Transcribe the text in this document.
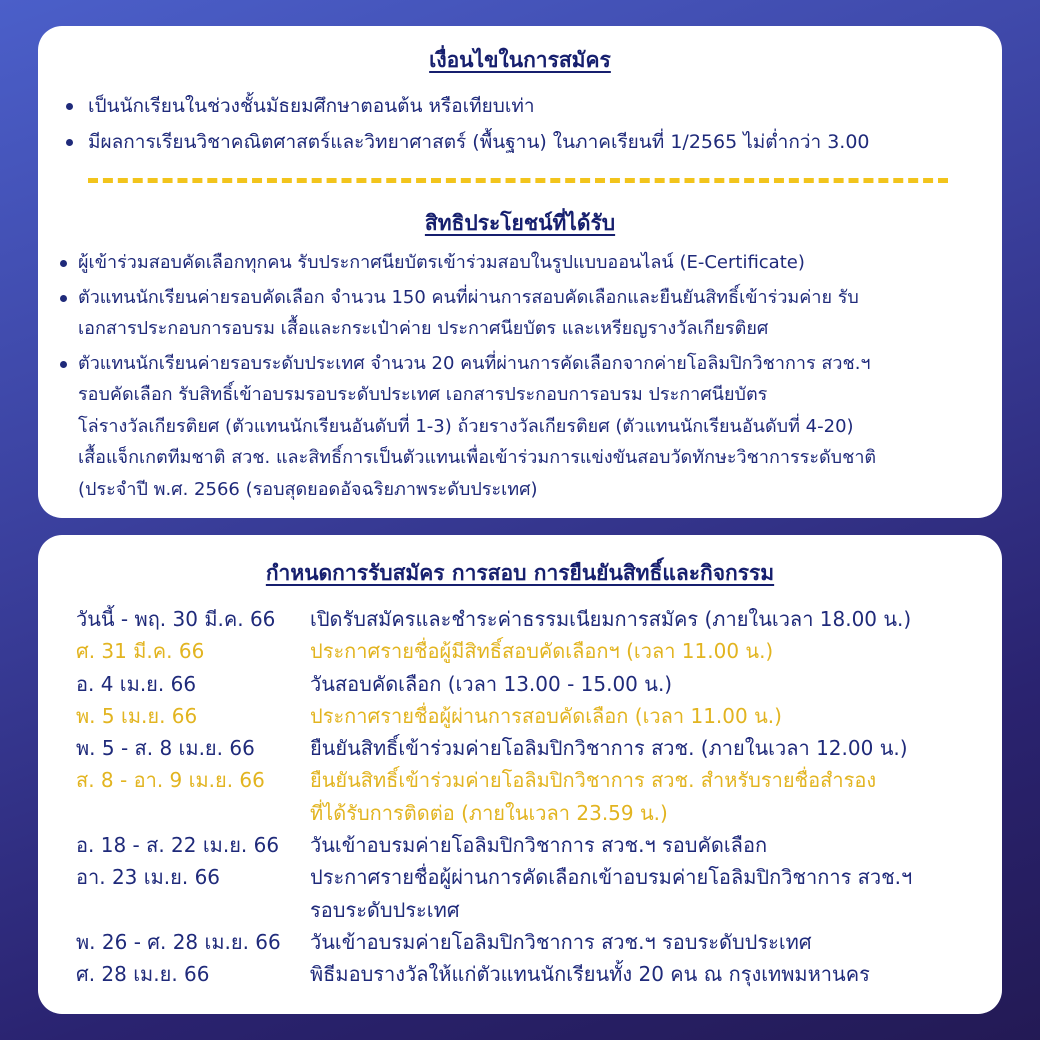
เงื่อนไขในการสมัคร
เป็นนักเรียนในช่วงชั้นมัธยมศึกษาตอนต้น หรือเทียบเท่า
มีผลการเรียนวิชาคณิตศาสตร์และวิทยาศาสตร์ (พื้นฐาน) ในภาคเรียนที่ 1/2565 ไม่ต่ำกว่า 3.00
สิทธิประโยชน์ที่ได้รับ
ผู้เข้าร่วมสอบคัดเลือกทุกคน รับประกาศนียบัตรเข้าร่วมสอบในรูปแบบออนไลน์ (E-Certificate)
ตัวแทนนักเรียนค่ายรอบคัดเลือก จำนวน 150 คนที่ผ่านการสอบคัดเลือกและยืนยันสิทธิ์เข้าร่วมค่าย รับ
เอกสารประกอบการอบรม เสื้อและกระเป๋าค่าย ประกาศนียบัตร และเหรียญรางวัลเกียรติยศ
ตัวแทนนักเรียนค่ายรอบระดับประเทศ จำนวน 20 คนที่ผ่านการคัดเลือกจากค่ายโอลิมปิกวิชาการ สวช.ฯ
รอบคัดเลือก รับสิทธิ์เข้าอบรมรอบระดับประเทศ เอกสารประกอบการอบรม ประกาศนียบัตร
โล่รางวัลเกียรติยศ (ตัวแทนนักเรียนอันดับที่ 1-3) ถ้วยรางวัลเกียรติยศ (ตัวแทนนักเรียนอันดับที่ 4-20)
เสื้อแจ็กเกตทีมชาติ สวช. และสิทธิ์การเป็นตัวแทนเพื่อเข้าร่วมการแข่งขันสอบวัดทักษะวิชาการระดับชาติ
(ประจำปี พ.ศ. 2566 (รอบสุดยอดอัจฉริยภาพระดับประเทศ)
กำหนดการรับสมัคร การสอบ การยืนยันสิทธิ์และกิจกรรม
วันนี้ - พฤ. 30 มี.ค. 66	เปิดรับสมัครและชำระค่าธรรมเนียมการสมัคร (ภายในเวลา 18.00 น.)
ศ. 31 มี.ค. 66	ประกาศรายชื่อผู้มีสิทธิ์สอบคัดเลือกฯ (เวลา 11.00 น.)
อ. 4 เม.ย. 66	วันสอบคัดเลือก (เวลา 13.00 - 15.00 น.)
พ. 5 เม.ย. 66	ประกาศรายชื่อผู้ผ่านการสอบคัดเลือก (เวลา 11.00 น.)
พ. 5 - ส. 8 เม.ย. 66	ยืนยันสิทธิ์เข้าร่วมค่ายโอลิมปิกวิชาการ สวช. (ภายในเวลา 12.00 น.)
ส. 8 - อา. 9 เม.ย. 66	ยืนยันสิทธิ์เข้าร่วมค่ายโอลิมปิกวิชาการ สวช. สำหรับรายชื่อสำรอง
ที่ได้รับการติดต่อ (ภายในเวลา 23.59 น.)
อ. 18 - ส. 22 เม.ย. 66	วันเข้าอบรมค่ายโอลิมปิกวิชาการ สวช.ฯ รอบคัดเลือก
อา. 23 เม.ย. 66	ประกาศรายชื่อผู้ผ่านการคัดเลือกเข้าอบรมค่ายโอลิมปิกวิชาการ สวช.ฯ
รอบระดับประเทศ
พ. 26 - ศ. 28 เม.ย. 66	วันเข้าอบรมค่ายโอลิมปิกวิชาการ สวช.ฯ รอบระดับประเทศ
ศ. 28 เม.ย. 66	พิธีมอบรางวัลให้แก่ตัวแทนนักเรียนทั้ง 20 คน ณ กรุงเทพมหานคร
